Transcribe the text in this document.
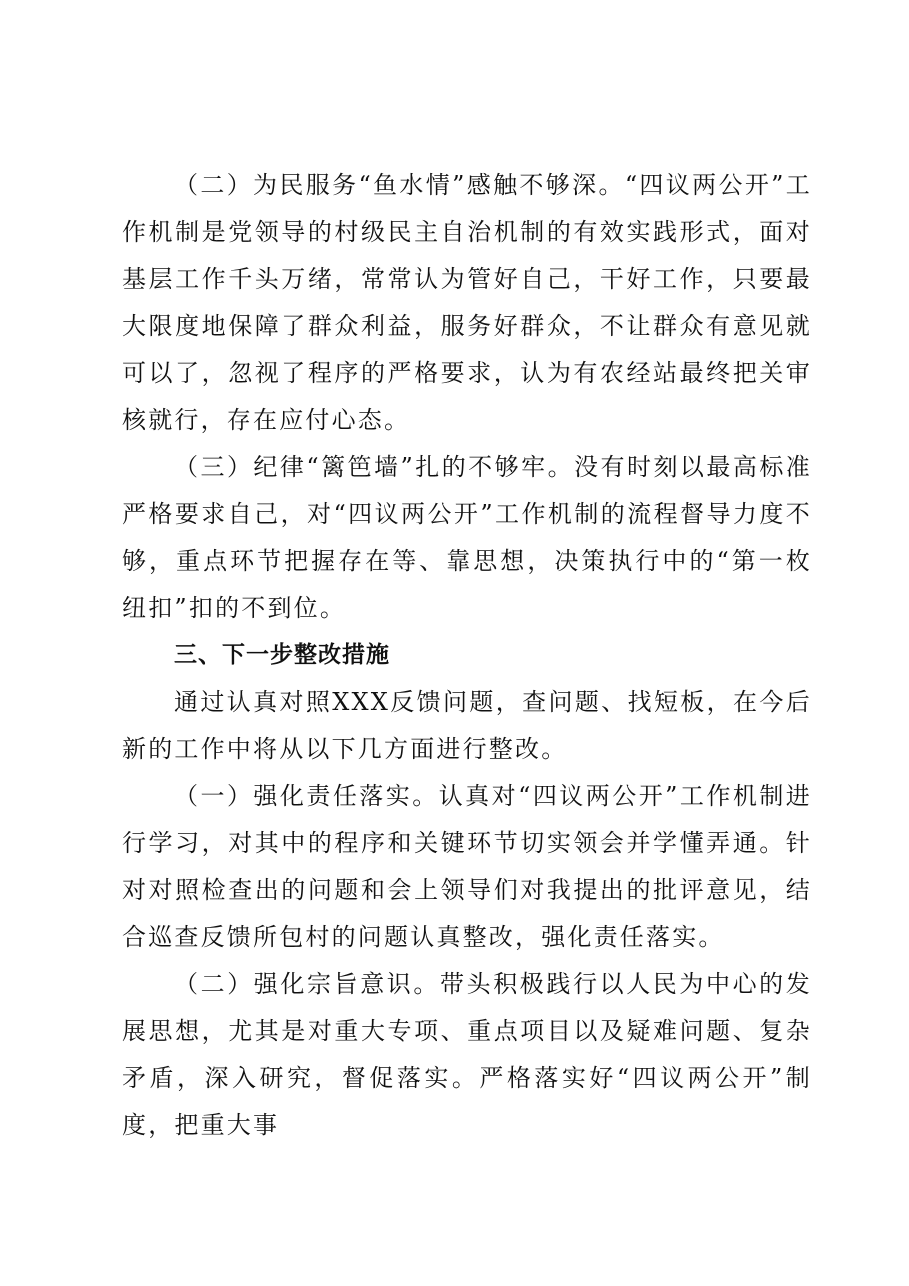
（二）为民服务“鱼水情”感触不够深。“四议两公开”工作机制是党领导的村级民主自治机制的有效实践形式，面对基层工作千头万绪，常常认为管好自己，干好工作，只要最大限度地保障了群众利益，服务好群众，不让群众有意见就可以了，忽视了程序的严格要求，认为有农经站最终把关审核就行，存在应付心态。

（三）纪律“篱笆墙”扎的不够牢。没有时刻以最高标准严格要求自己，对“四议两公开”工作机制的流程督导力度不够，重点环节把握存在等、靠思想，决策执行中的“第一枚纽扣”扣的不到位。

三、下一步整改措施

通过认真对照XXX反馈问题，查问题、找短板，在今后新的工作中将从以下几方面进行整改。

（一）强化责任落实。认真对“四议两公开”工作机制进行学习，对其中的程序和关键环节切实领会并学懂弄通。针对对照检查出的问题和会上领导们对我提出的批评意见，结合巡查反馈所包村的问题认真整改，强化责任落实。

（二）强化宗旨意识。带头积极践行以人民为中心的发展思想，尤其是对重大专项、重点项目以及疑难问题、复杂矛盾，深入研究，督促落实。严格落实好“四议两公开”制度，把重大事
